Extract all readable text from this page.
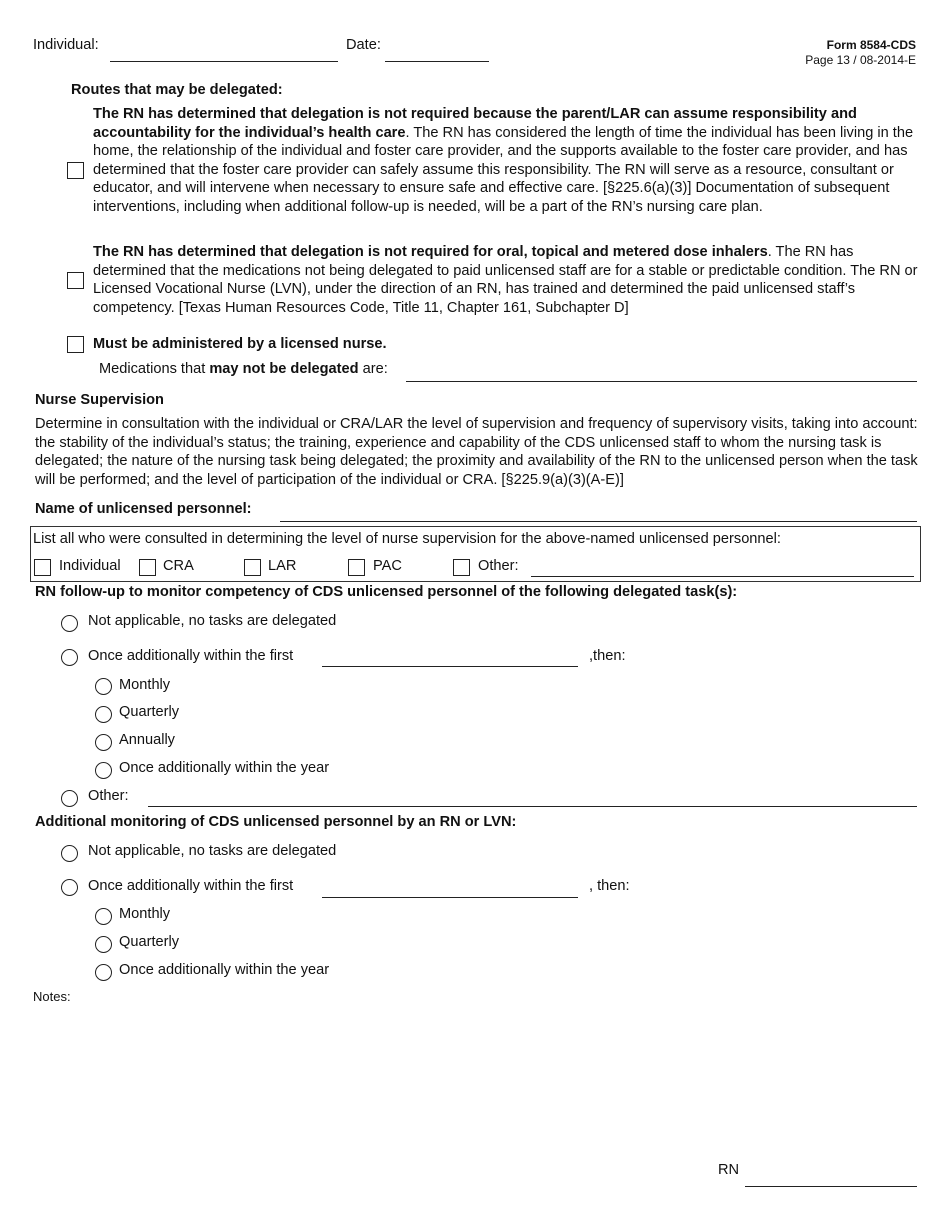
Individual:	Date:	Form 8584-CDS
Page 13 / 08-2014-E
Routes that may be delegated:
The RN has determined that delegation is not required because the parent/LAR can assume responsibility and accountability for the individual’s health care. The RN has considered the length of time the individual has been living in the home, the relationship of the individual and foster care provider, and the supports available to the foster care provider, and has determined that the foster care provider can safely assume this responsibility. The RN will serve as a resource, consultant or educator, and will intervene when necessary to ensure safe and effective care. [§225.6(a)(3)] Documentation of subsequent interventions, including when additional follow-up is needed, will be a part of the RN’s nursing care plan.
The RN has determined that delegation is not required for oral, topical and metered dose inhalers. The RN has determined that the medications not being delegated to paid unlicensed staff are for a stable or predictable condition. The RN or Licensed Vocational Nurse (LVN), under the direction of an RN, has trained and determined the paid unlicensed staff’s competency. [Texas Human Resources Code, Title 11, Chapter 161, Subchapter D]
Must be administered by a licensed nurse.
Medications that may not be delegated are:
Nurse Supervision
Determine in consultation with the individual or CRA/LAR the level of supervision and frequency of supervisory visits, taking into account: the stability of the individual’s status; the training, experience and capability of the CDS unlicensed staff to whom the nursing task is delegated; the nature of the nursing task being delegated; the proximity and availability of the RN to the unlicensed person when the task will be performed; and the level of participation of the individual or CRA. [§225.9(a)(3)(A-E)]
Name of unlicensed personnel:
List all who were consulted in determining the level of nurse supervision for the above-named unlicensed personnel:
Individual	CRA	LAR	PAC	Other:
RN follow-up to monitor competency of CDS unlicensed personnel of the following delegated task(s):
Not applicable, no tasks are delegated
Once additionally within the first	,then:
Monthly
Quarterly
Annually
Once additionally within the year
Other:
Additional monitoring of CDS unlicensed personnel by an RN or LVN:
Not applicable, no tasks are delegated
Once additionally within the first	, then:
Monthly
Quarterly
Once additionally within the year
Notes:
RN
